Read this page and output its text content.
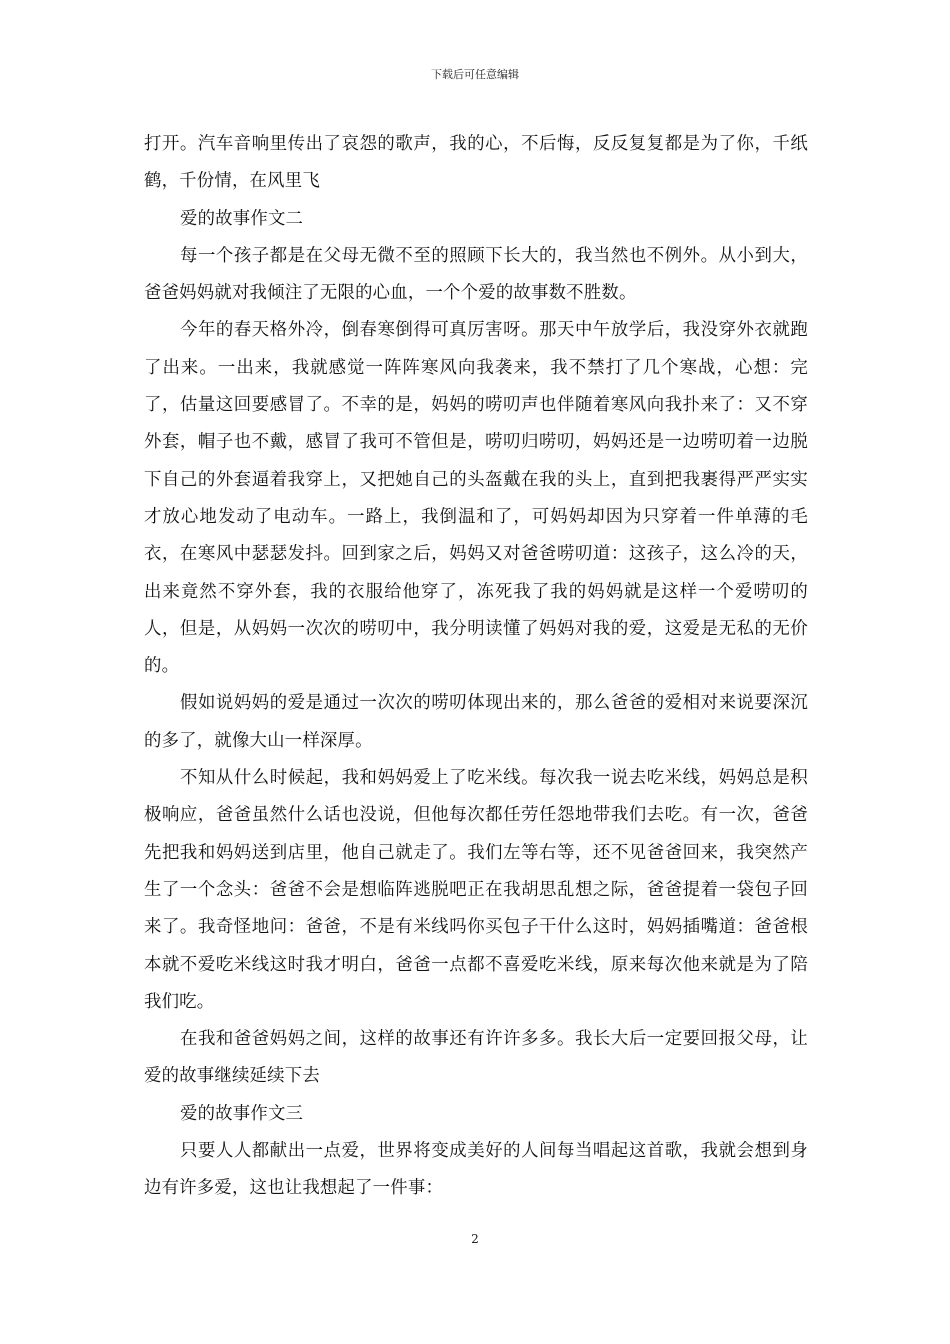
下载后可任意编辑

打开。汽车音响里传出了哀怨的歌声，我的心，不后悔，反反复复都是为了你，千纸鹤，千份情，在风里飞

爱的故事作文二

每一个孩子都是在父母无微不至的照顾下长大的，我当然也不例外。从小到大，爸爸妈妈就对我倾注了无限的心血，一个个爱的故事数不胜数。

今年的春天格外冷，倒春寒倒得可真厉害呀。那天中午放学后，我没穿外衣就跑了出来。一出来，我就感觉一阵阵寒风向我袭来，我不禁打了几个寒战，心想：完了，估量这回要感冒了。不幸的是，妈妈的唠叨声也伴随着寒风向我扑来了：又不穿外套，帽子也不戴，感冒了我可不管但是，唠叨归唠叨，妈妈还是一边唠叨着一边脱下自己的外套逼着我穿上，又把她自己的头盔戴在我的头上，直到把我裹得严严实实才放心地发动了电动车。一路上，我倒温和了，可妈妈却因为只穿着一件单薄的毛衣，在寒风中瑟瑟发抖。回到家之后，妈妈又对爸爸唠叨道：这孩子，这么冷的天，出来竟然不穿外套，我的衣服给他穿了，冻死我了我的妈妈就是这样一个爱唠叨的人，但是，从妈妈一次次的唠叨中，我分明读懂了妈妈对我的爱，这爱是无私的无价的。

假如说妈妈的爱是通过一次次的唠叨体现出来的，那么爸爸的爱相对来说要深沉的多了，就像大山一样深厚。

不知从什么时候起，我和妈妈爱上了吃米线。每次我一说去吃米线，妈妈总是积极响应，爸爸虽然什么话也没说，但他每次都任劳任怨地带我们去吃。有一次，爸爸先把我和妈妈送到店里，他自己就走了。我们左等右等，还不见爸爸回来，我突然产生了一个念头：爸爸不会是想临阵逃脱吧正在我胡思乱想之际，爸爸提着一袋包子回来了。我奇怪地问：爸爸，不是有米线吗你买包子干什么这时，妈妈插嘴道：爸爸根本就不爱吃米线这时我才明白，爸爸一点都不喜爱吃米线，原来每次他来就是为了陪我们吃。

在我和爸爸妈妈之间，这样的故事还有许许多多。我长大后一定要回报父母，让爱的故事继续延续下去

爱的故事作文三

只要人人都献出一点爱，世界将变成美好的人间每当唱起这首歌，我就会想到身边有许多爱，这也让我想起了一件事：

2
